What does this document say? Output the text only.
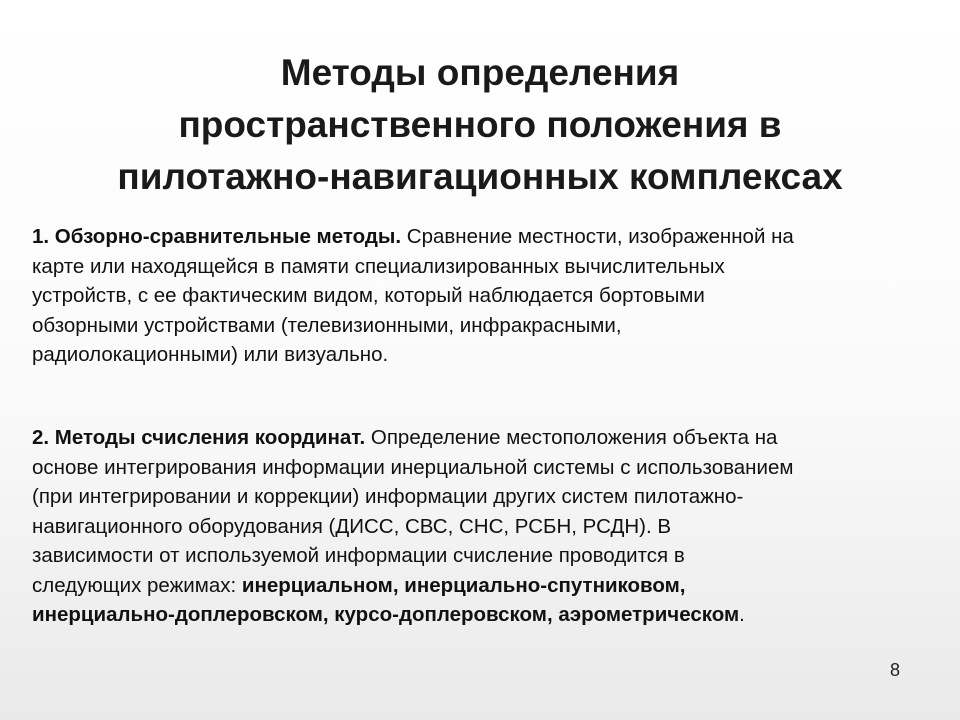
Методы определения
пространственного положения в
пилотажно-навигационных комплексах

1. Обзорно-сравнительные методы. Сравнение местности, изображенной на
карте или находящейся в памяти специализированных вычислительных
устройств, с ее фактическим видом, который наблюдается бортовыми
обзорными устройствами (телевизионными, инфракрасными,
радиолокационными) или визуально.

2. Методы счисления координат. Определение местоположения объекта на
основе интегрирования информации инерциальной системы с использованием
(при интегрировании и коррекции) информации других систем пилотажно-
навигационного оборудования (ДИСС, СВС, СНС, РСБН, РСДН). В
зависимости от используемой информации счисление проводится в
следующих режимах: инерциальном, инерциально-спутниковом,
инерциально-доплеровском, курсо-доплеровском, аэрометрическом.

8
